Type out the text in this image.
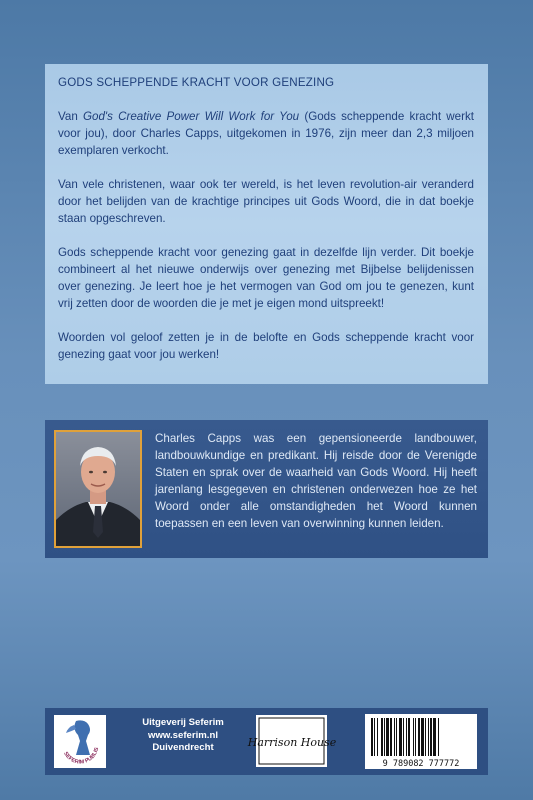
GODS SCHEPPENDE KRACHT VOOR GENEZING

Van God's Creative Power Will Work for You (Gods scheppende kracht werkt voor jou), door Charles Capps, uitgekomen in 1976, zijn meer dan 2,3 miljoen exemplaren verkocht.

Van vele christenen, waar ook ter wereld, is het leven revolution-air veranderd door het belijden van de krachtige principes uit Gods Woord, die in dat boekje staan opgeschreven.

Gods scheppende kracht voor genezing gaat in dezelfde lijn verder. Dit boekje combineert al het nieuwe onderwijs over genezing met Bijbelse belijdenissen over genezing. Je leert hoe je het vermogen van God om jou te genezen, kunt vrij zetten door de woorden die je met je eigen mond uitspreekt!

Woorden vol geloof zetten je in de belofte en Gods scheppende kracht voor genezing gaat voor jou werken!

Charles Capps was een gepensioneerde landbouwer, landbouwkundige en predikant. Hij reisde door de Verenigde Staten en sprak over de waarheid van Gods Woord. Hij heeft jarenlang lesgegeven en christenen onderwezen hoe ze het Woord onder alle omstandigheden het Woord kunnen toepassen en een leven van overwinning kunnen leiden.

SEFERIM PUBLIS
Uitgeverij Seferim
www.seferim.nl
Duivendrecht	Harrison House
9 789082 777772
